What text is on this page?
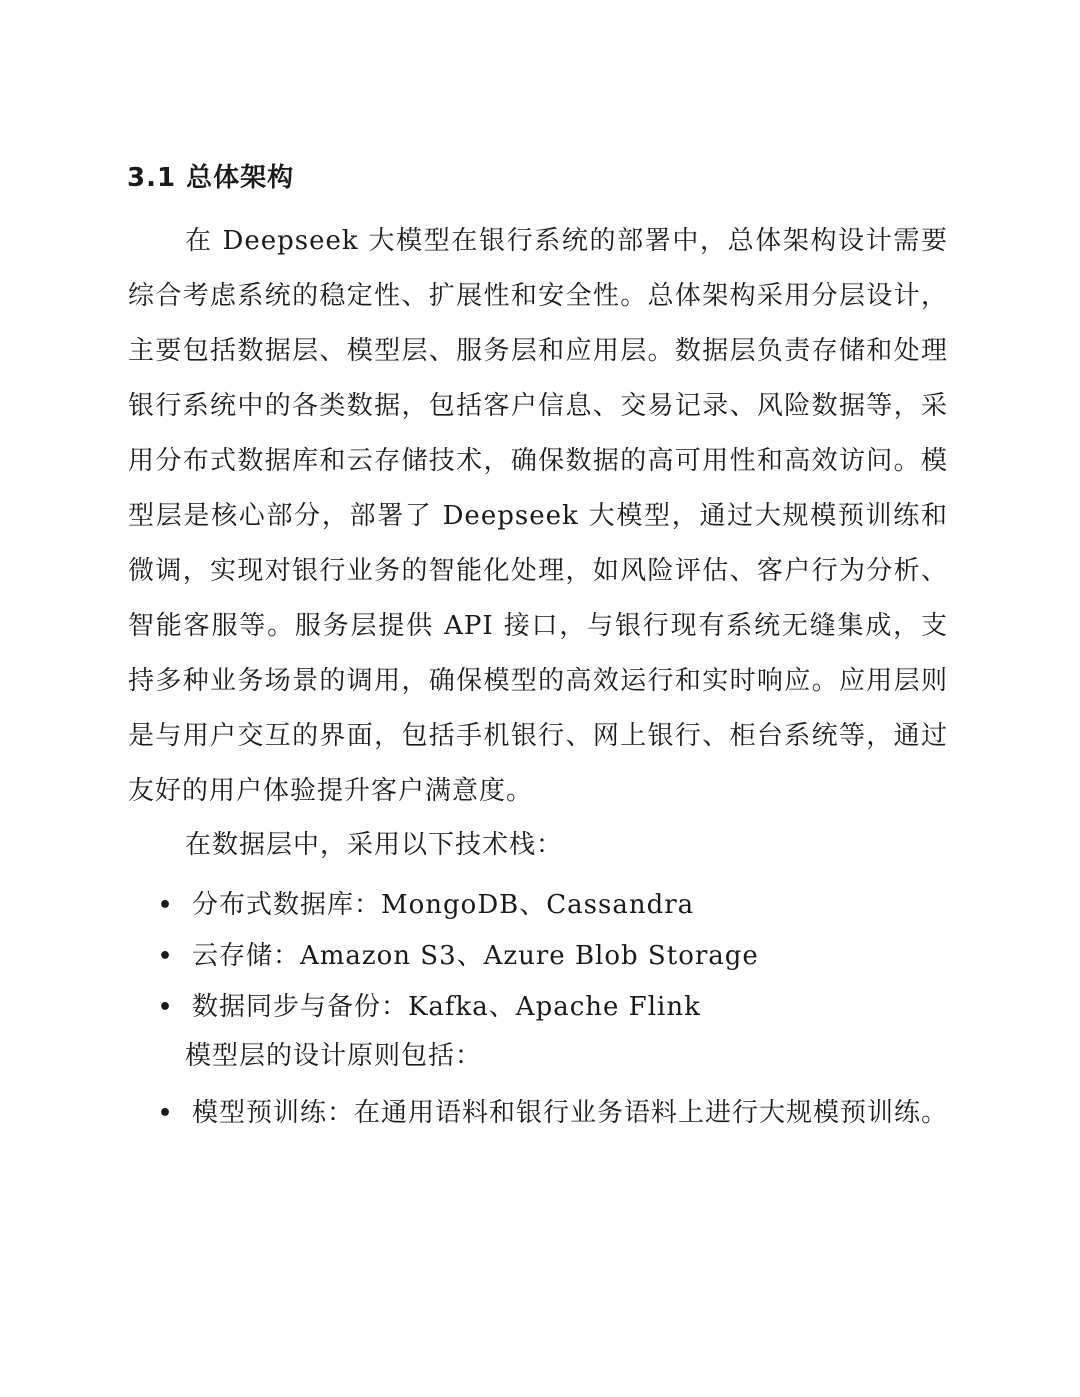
3.1 总体架构

在 Deepseek 大模型在银行系统的部署中，总体架构设计需要综合考虑系统的稳定性、扩展性和安全性。总体架构采用分层设计，主要包括数据层、模型层、服务层和应用层。数据层负责存储和处理银行系统中的各类数据，包括客户信息、交易记录、风险数据等，采用分布式数据库和云存储技术，确保数据的高可用性和高效访问。模型层是核心部分，部署了 Deepseek 大模型，通过大规模预训练和微调，实现对银行业务的智能化处理，如风险评估、客户行为分析、智能客服等。服务层提供 API 接口，与银行现有系统无缝集成，支持多种业务场景的调用，确保模型的高效运行和实时响应。应用层则是与用户交互的界面，包括手机银行、网上银行、柜台系统等，通过友好的用户体验提升客户满意度。

在数据层中，采用以下技术栈：

• 分布式数据库：MongoDB、Cassandra
• 云存储：Amazon S3、Azure Blob Storage
• 数据同步与备份：Kafka、Apache Flink

模型层的设计原则包括：

• 模型预训练：在通用语料和银行业务语料上进行大规模预训练。
